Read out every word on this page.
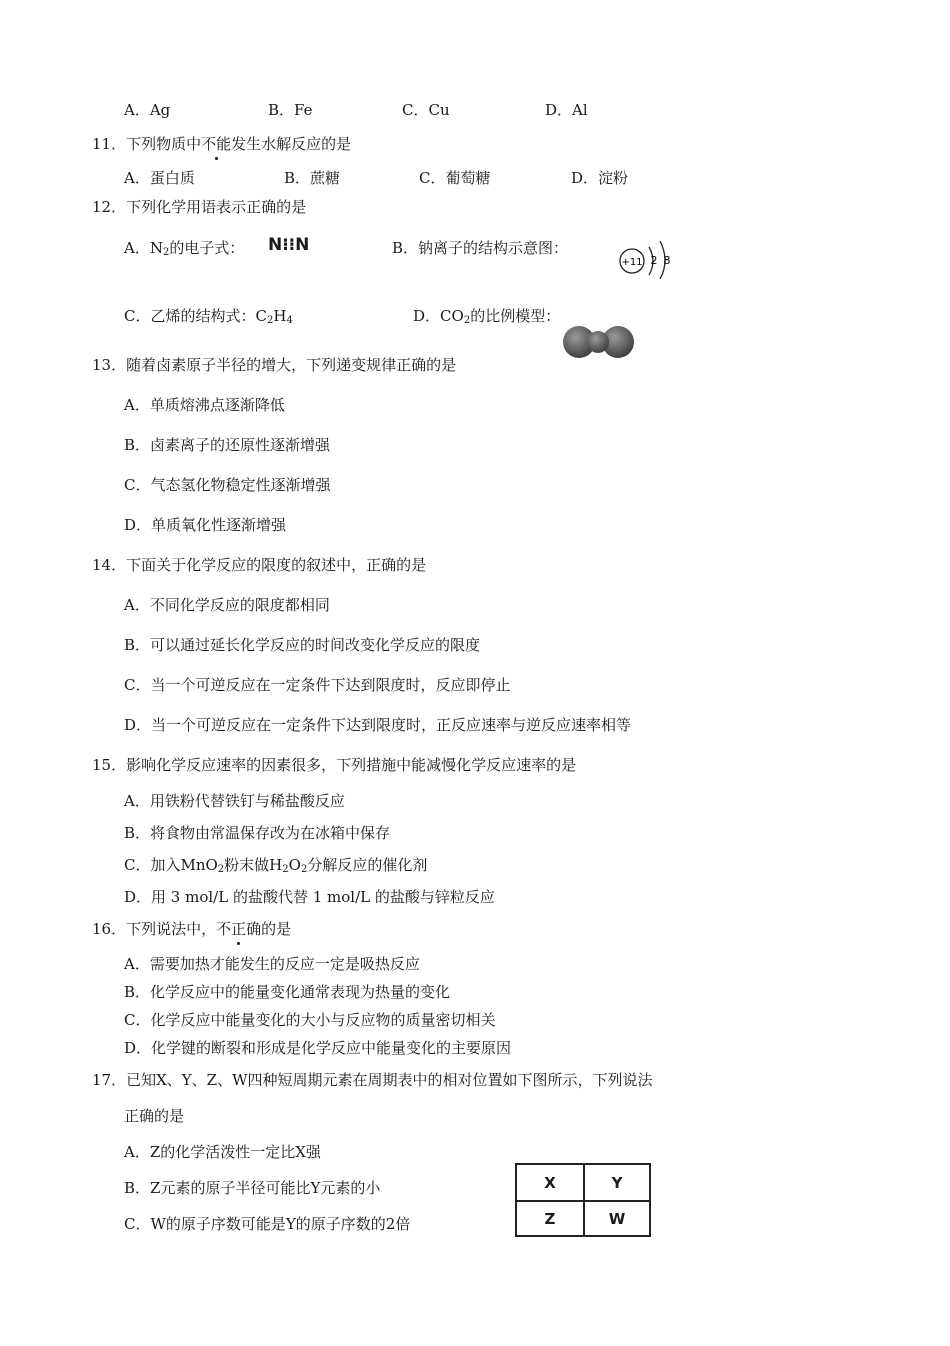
A．Ag	B．Fe	C．Cu	D．Al
11．下列物质中不能发生水解反应的是
A．蛋白质	B．蔗糖	C．葡萄糖	D．淀粉
12．下列化学用语表示正确的是
A．$N_2$的电子式： N⁝⁝N	B．钠离子的结构示意图：
+11 2 8
C．乙烯的结构式：$C_2H_4$	D．$CO_2$的比例模型：
13．随着卤素原子半径的增大，下列递变规律正确的是
A．单质熔沸点逐渐降低
B．卤素离子的还原性逐渐增强
C．气态氢化物稳定性逐渐增强
D．单质氧化性逐渐增强
14．下面关于化学反应的限度的叙述中，正确的是
A．不同化学反应的限度都相同
B．可以通过延长化学反应的时间改变化学反应的限度
C．当一个可逆反应在一定条件下达到限度时，反应即停止
D．当一个可逆反应在一定条件下达到限度时，正反应速率与逆反应速率相等
15．影响化学反应速率的因素很多，下列措施中能减慢化学反应速率的是
A．用铁粉代替铁钉与稀盐酸反应
B．将食物由常温保存改为在冰箱中保存
C．加入MnO$_2$粉末做$H_2O_2$分解反应的催化剂
D．用 3 mol/L 的盐酸代替 1 mol/L 的盐酸与锌粒反应
16．下列说法中，不正确的是
A．需要加热才能发生的反应一定是吸热反应
B．化学反应中的能量变化通常表现为热量的变化
C．化学反应中能量变化的大小与反应物的质量密切相关
D．化学键的断裂和形成是化学反应中能量变化的主要原因
17．已知X、Y、Z、W四种短周期元素在周期表中的相对位置如下图所示，下列说法
正确的是
A．Z的化学活泼性一定比X强
B．Z元素的原子半径可能比Y元素的小
C．W的原子序数可能是Y的原子序数的2倍
X	Y
Z	W
